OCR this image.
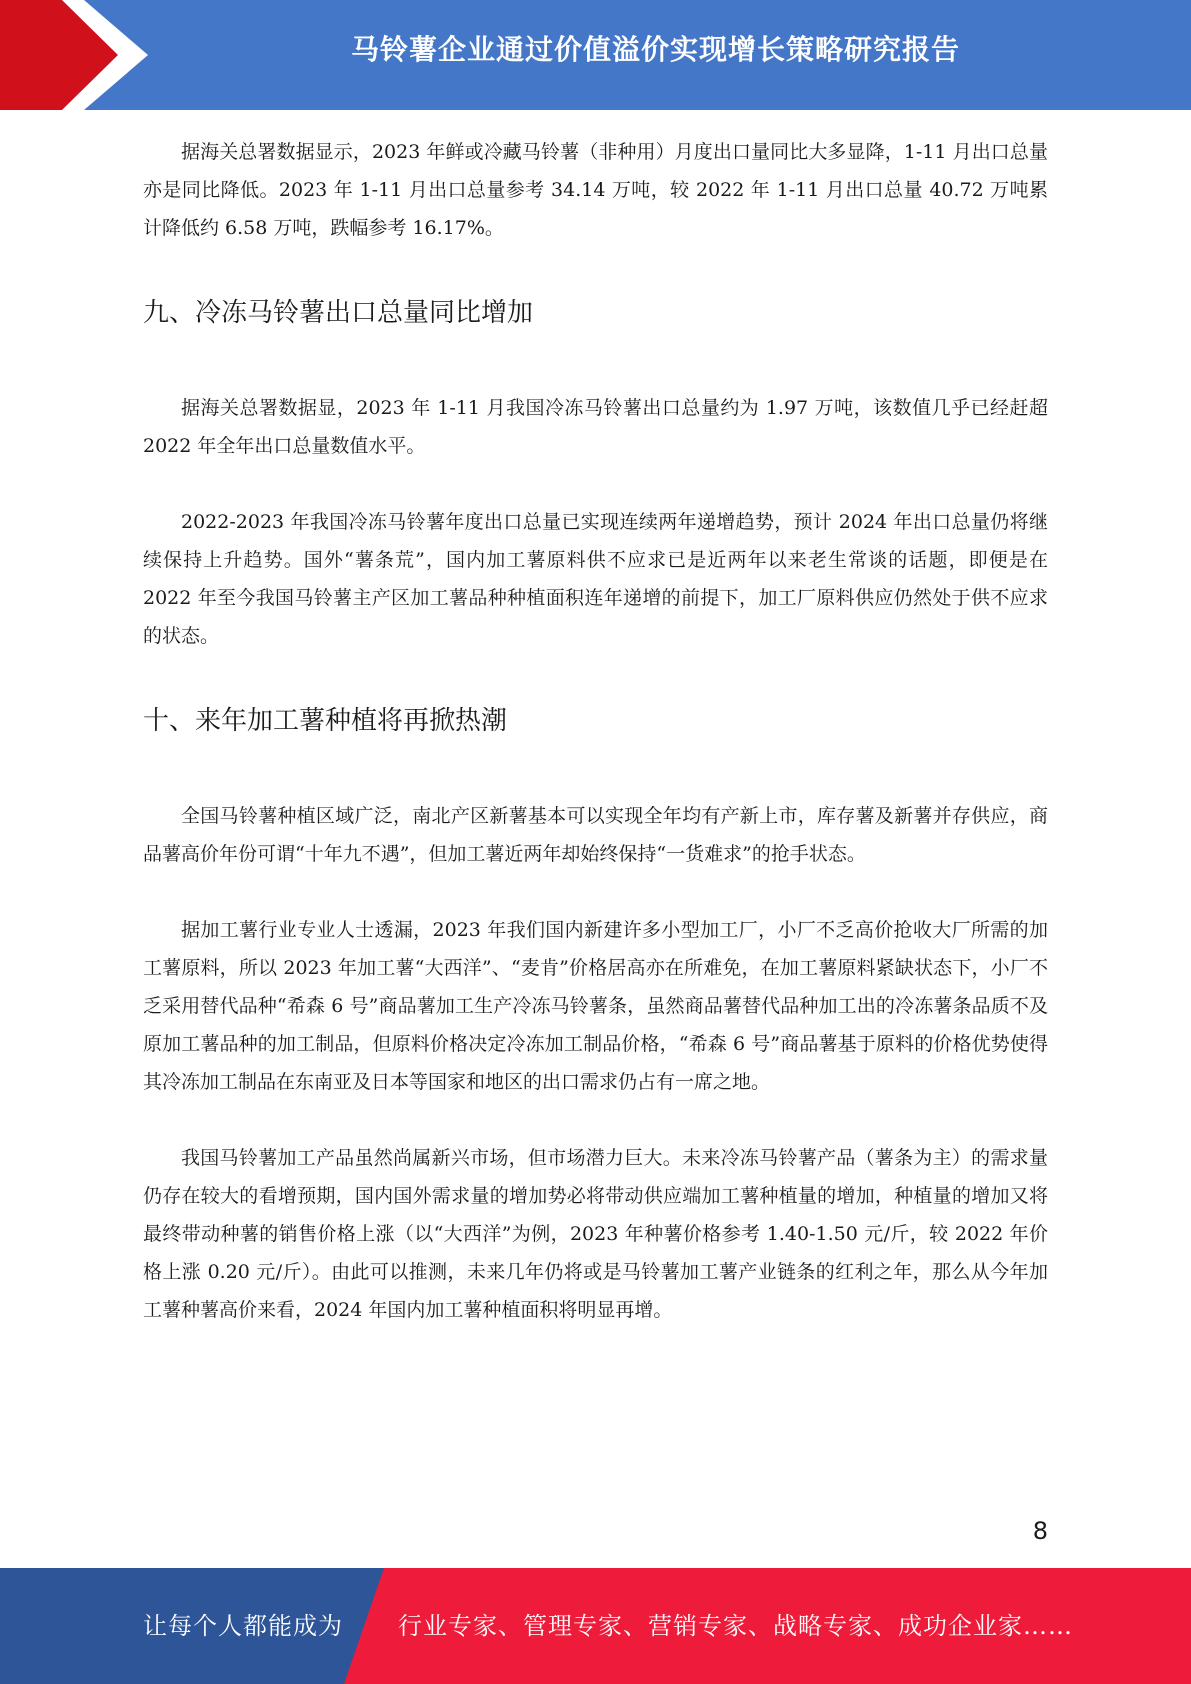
马铃薯企业通过价值溢价实现增长策略研究报告

据海关总署数据显示，2023 年鲜或冷藏马铃薯（非种用）月度出口量同比大多显降，1-11 月出口总量亦是同比降低。2023 年 1-11 月出口总量参考 34.14 万吨，较 2022 年 1-11 月出口总量 40.72 万吨累计降低约 6.58 万吨，跌幅参考 16.17%。

九、冷冻马铃薯出口总量同比增加

据海关总署数据显，2023 年 1-11 月我国冷冻马铃薯出口总量约为 1.97 万吨，该数值几乎已经赶超 2022 年全年出口总量数值水平。

2022-2023 年我国冷冻马铃薯年度出口总量已实现连续两年递增趋势，预计 2024 年出口总量仍将继续保持上升趋势。国外“薯条荒”，国内加工薯原料供不应求已是近两年以来老生常谈的话题，即便是在 2022 年至今我国马铃薯主产区加工薯品种种植面积连年递增的前提下，加工厂原料供应仍然处于供不应求的状态。

十、来年加工薯种植将再掀热潮

全国马铃薯种植区域广泛，南北产区新薯基本可以实现全年均有产新上市，库存薯及新薯并存供应，商品薯高价年份可谓“十年九不遇”，但加工薯近两年却始终保持“一货难求”的抢手状态。

据加工薯行业专业人士透漏，2023 年我们国内新建许多小型加工厂，小厂不乏高价抢收大厂所需的加工薯原料，所以 2023 年加工薯“大西洋”、“麦肯”价格居高亦在所难免，在加工薯原料紧缺状态下，小厂不乏采用替代品种“希森 6 号”商品薯加工生产冷冻马铃薯条，虽然商品薯替代品种加工出的冷冻薯条品质不及原加工薯品种的加工制品，但原料价格决定冷冻加工制品价格，“希森 6 号”商品薯基于原料的价格优势使得其冷冻加工制品在东南亚及日本等国家和地区的出口需求仍占有一席之地。

我国马铃薯加工产品虽然尚属新兴市场，但市场潜力巨大。未来冷冻马铃薯产品（薯条为主）的需求量仍存在较大的看增预期，国内国外需求量的增加势必将带动供应端加工薯种植量的增加，种植量的增加又将最终带动种薯的销售价格上涨（以“大西洋”为例，2023 年种薯价格参考 1.40-1.50 元/斤，较 2022 年价格上涨 0.20 元/斤）。由此可以推测，未来几年仍将或是马铃薯加工薯产业链条的红利之年，那么从今年加工薯种薯高价来看，2024 年国内加工薯种植面积将明显再增。

8
让每个人都能成为 行业专家、管理专家、营销专家、战略专家、成功企业家……
